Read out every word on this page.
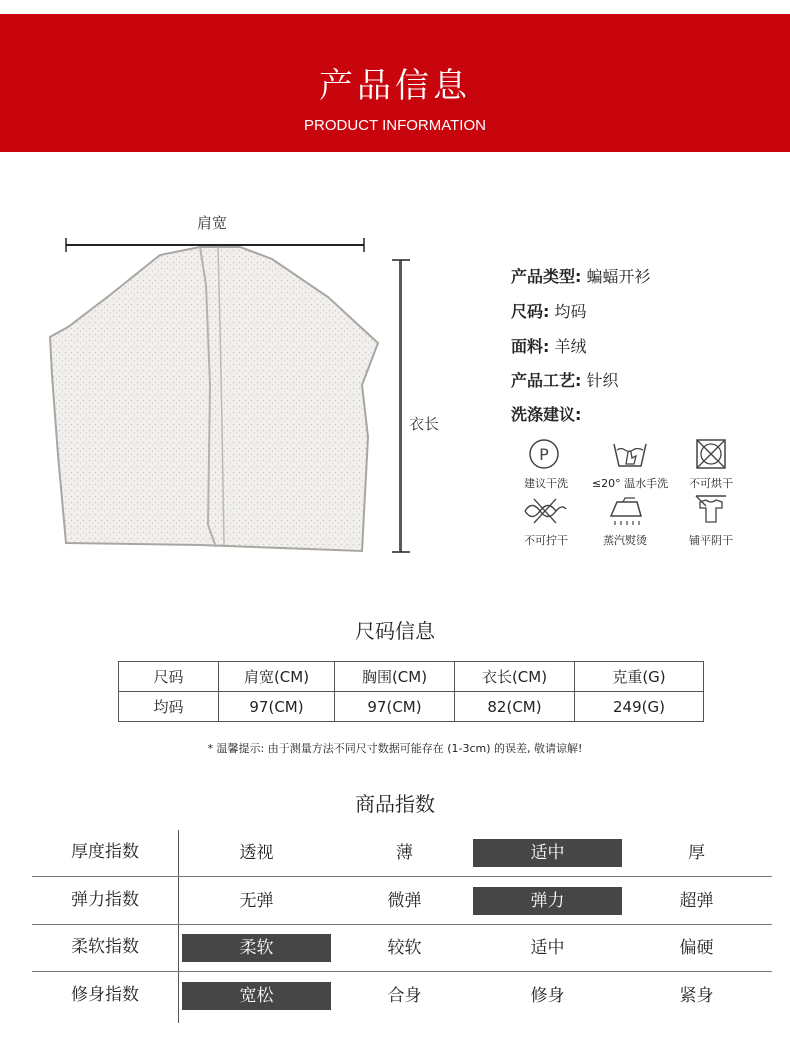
产品信息
PRODUCT INFORMATION
肩宽
衣长
产品类型: 蝙蝠开衫
尺码: 均码
面料: 羊绒
产品工艺: 针织
洗涤建议:
P
建议干洗	≤20° 温水手洗	不可烘干
不可拧干	蒸汽熨烫	铺平阴干
尺码信息
尺码	肩宽(CM)	胸围(CM)	衣长(CM)	克重(G)
均码	97(CM)	97(CM)	82(CM)	249(G)
* 温馨提示: 由于测量方法不同尺寸数据可能存在 (1-3cm) 的误差, 敬请谅解!
商品指数
厚度指数	透视	薄	适中	厚
弹力指数	无弹	微弹	弹力	超弹
柔软指数	柔软	较软	适中	偏硬
修身指数	宽松	合身	修身	紧身
